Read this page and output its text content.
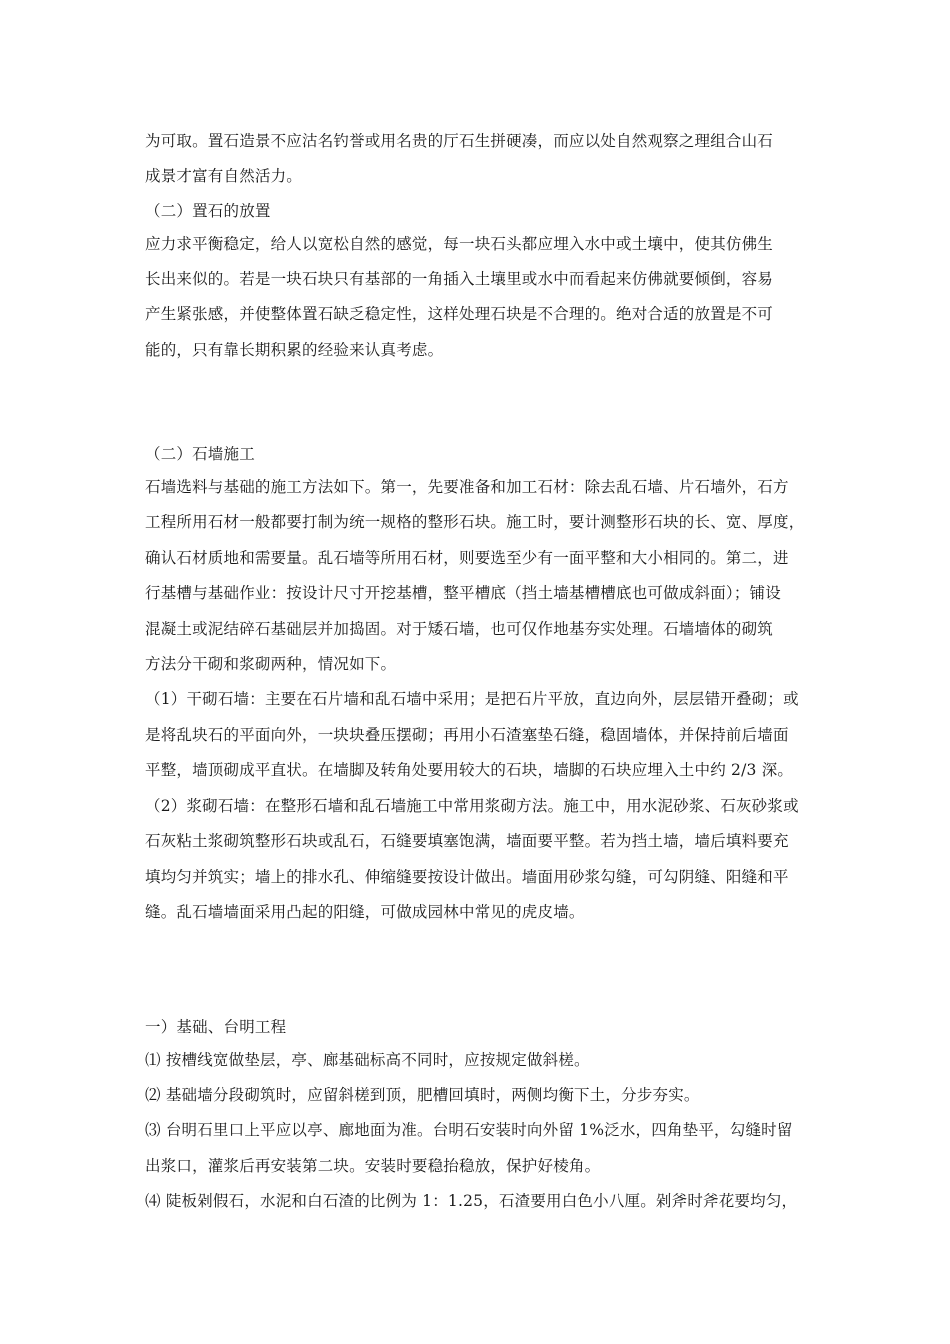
为可取。置石造景不应沽名钓誉或用名贵的厅石生拼硬凑，而应以处自然观察之理组合山石
成景才富有自然活力。
（二）置石的放置
应力求平衡稳定，给人以宽松自然的感觉，每一块石头都应埋入水中或土壤中，使其仿佛生
长出来似的。若是一块石块只有基部的一角插入土壤里或水中而看起来仿佛就要倾倒，容易
产生紧张感，并使整体置石缺乏稳定性，这样处理石块是不合理的。绝对合适的放置是不可
能的，只有靠长期积累的经验来认真考虑。
（二）石墙施工
石墙选料与基础的施工方法如下。第一，先要准备和加工石材：除去乱石墙、片石墙外，石方
工程所用石材一般都要打制为统一规格的整形石块。施工时，要计测整形石块的长、宽、厚度，
确认石材质地和需要量。乱石墙等所用石材，则要选至少有一面平整和大小相同的。第二，进
行基槽与基础作业：按设计尺寸开挖基槽，整平槽底（挡土墙基槽槽底也可做成斜面）；铺设
混凝土或泥结碎石基础层并加捣固。对于矮石墙，也可仅作地基夯实处理。石墙墙体的砌筑
方法分干砌和浆砌两种，情况如下。
（1）干砌石墙：主要在石片墙和乱石墙中采用；是把石片平放，直边向外，层层错开叠砌；或
是将乱块石的平面向外，一块块叠压摆砌；再用小石渣塞垫石缝，稳固墙体，并保持前后墙面
平整，墙顶砌成平直状。在墙脚及转角处要用较大的石块，墙脚的石块应埋入土中约 2/3 深。
（2）浆砌石墙：在整形石墙和乱石墙施工中常用浆砌方法。施工中，用水泥砂浆、石灰砂浆或
石灰粘土浆砌筑整形石块或乱石，石缝要填塞饱满，墙面要平整。若为挡土墙，墙后填料要充
填均匀并筑实；墙上的排水孔、伸缩缝要按设计做出。墙面用砂浆勾缝，可勾阴缝、阳缝和平
缝。乱石墙墙面采用凸起的阳缝，可做成园林中常见的虎皮墙。
一）基础、台明工程
⑴ 按槽线宽做垫层，亭、廊基础标高不同时，应按规定做斜槎。
⑵ 基础墙分段砌筑时，应留斜槎到顶，肥槽回填时，两侧均衡下土，分步夯实。
⑶ 台明石里口上平应以亭、廊地面为准。台明石安装时向外留 1%泛水，四角垫平，勾缝时留
出浆口，灌浆后再安装第二块。安装时要稳抬稳放，保护好棱角。
⑷ 陡板剁假石，水泥和白石渣的比例为 1：1.25，石渣要用白色小八厘。剁斧时斧花要均匀，
